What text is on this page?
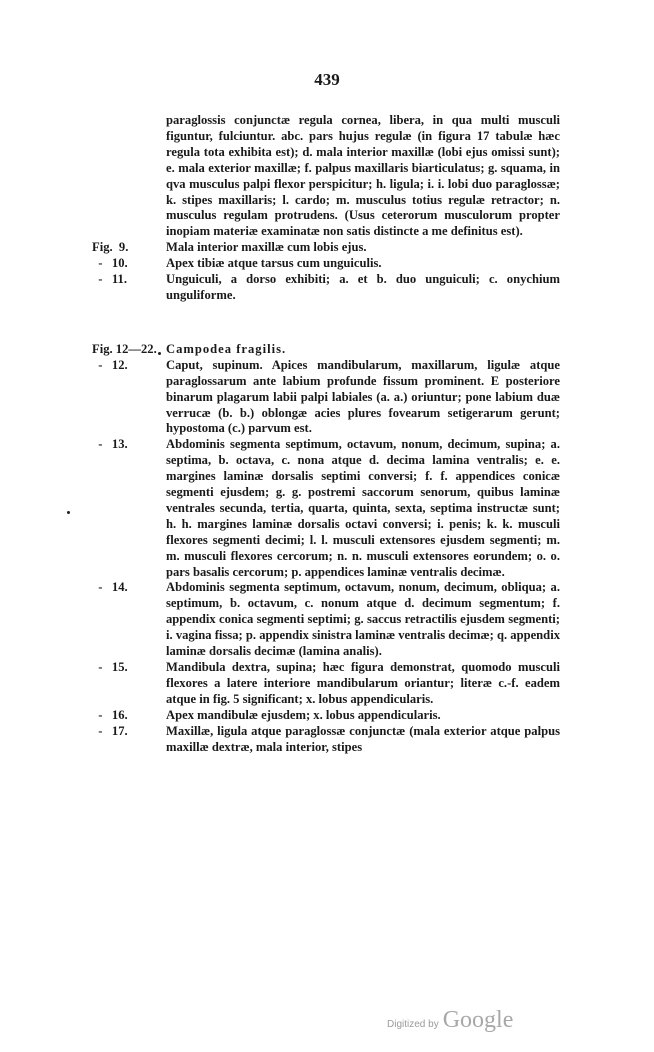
439
paraglossis conjunctæ regula cornea, libera, in qua multi musculi figuntur, fulciuntur. abc. pars hujus regulæ (in figura 17 tabulæ hæc regula tota exhibita est); d. mala interior maxillæ (lobi ejus omissi sunt); e. mala exterior maxillæ; f. palpus maxillaris biarticulatus; g. squama, in qva musculus palpi flexor perspicitur; h. ligula; i. i. lobi duo paraglossæ; k. stipes maxillaris; l. cardo; m. musculus totius regulæ retractor; n. musculus regulam protrudens. (Usus ceterorum musculorum propter inopiam materiæ examinatæ non satis distincte a me definitus est).
Fig.  9.	Mala interior maxillæ cum lobis ejus.
-   10.	Apex tibiæ atque tarsus cum unguiculis.
-   11.	Unguiculi, a dorso exhibiti; a. et b. duo unguiculi; c. onychium unguliforme.
Fig. 12—22. Campodea fragilis.
-   12.	Caput, supinum. Apices mandibularum, maxillarum, ligulæ atque paraglossarum ante labium profunde fissum prominent. E posteriore binarum plagarum labii palpi labiales (a. a.) oriuntur; pone labium duæ verrucæ (b. b.) oblongæ acies plures fovearum setigerarum gerunt; hypostoma (c.) parvum est.
-   13.	Abdominis segmenta septimum, octavum, nonum, decimum, supina; a. septima, b. octava, c. nona atque d. decima lamina ventralis; e. e. margines laminæ dorsalis septimi conversi; f. f. appendices conicæ segmenti ejusdem; g. g. postremi saccorum senorum, quibus laminæ ventrales secunda, tertia, quarta, quinta, sexta, septima instructæ sunt; h. h. margines laminæ dorsalis octavi conversi; i. penis; k. k. musculi flexores segmenti decimi; l. l. musculi extensores ejusdem segmenti; m. m. musculi flexores cercorum; n. n. musculi extensores eorundem; o. o. pars basalis cercorum; p. appendices laminæ ventralis decimæ.
-   14.	Abdominis segmenta septimum, octavum, nonum, decimum, obliqua; a. septimum, b. octavum, c. nonum atque d. decimum segmentum; f. appendix conica segmenti septimi; g. saccus retractilis ejusdem segmenti; i. vagina fissa; p. appendix sinistra laminæ ventralis decimæ; q. appendix laminæ dorsalis decimæ (lamina analis).
-   15.	Mandibula dextra, supina; hæc figura demonstrat, quomodo musculi flexores a latere interiore mandibularum oriantur; literæ c.-f. eadem atque in fig. 5 significant; x. lobus appendicularis.
-   16.	Apex mandibulæ ejusdem; x. lobus appendicularis.
-   17.	Maxillæ, ligula atque paraglossæ conjunctæ (mala exterior atque palpus maxillæ dextræ, mala interior, stipes
Digitized by Google
